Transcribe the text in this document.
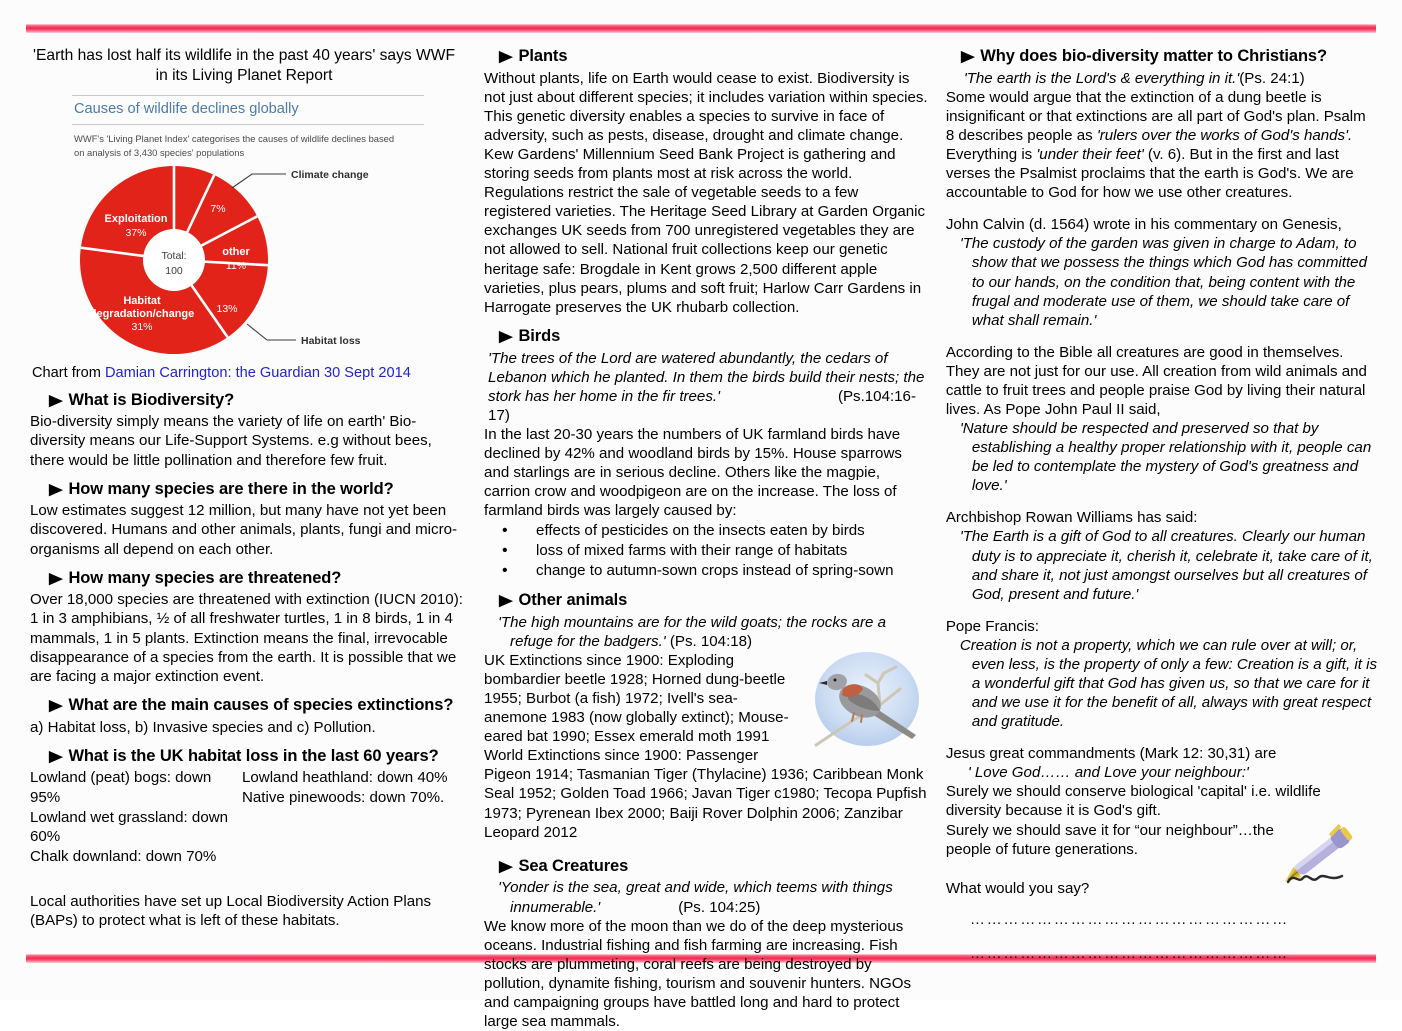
'Earth has lost half its wildlife in the past 40 years' says WWF in its Living Planet Report
Causes of wildlife declines globally
WWF's 'Living Planet Index' categorises the causes of wildlife declines based on analysis of 3,430 species' populations
Total:
100
Exploitation
37%
7%
other
11%
13%
Habitat
degradation/change
31%
Climate change
Habitat loss
Chart from Damian Carrington: the Guardian 30 Sept 2014
▶ What is Biodiversity?

Bio-diversity simply means the variety of life on earth' Bio-diversity means our Life-Support Systems. e.g without bees, there would be little pollination and therefore few fruit.

▶ How many species are there in the world?

Low estimates suggest 12 million, but many have not yet been discovered. Humans and other animals, plants, fungi and micro-organisms all depend on each other.

▶ How many species are threatened?

Over 18,000 species are threatened with extinction (IUCN 2010): 1 in 3 amphibians, ½ of all freshwater turtles, 1 in 8 birds, 1 in 4 mammals, 1 in 5 plants. Extinction means the final, irrevocable disappearance of a species from the earth. It is possible that we are facing a major extinction event.

▶ What are the main causes of species extinctions?

a) Habitat loss, b) Invasive species and c) Pollution.

▶ What is the UK habitat loss in the last 60 years?
Lowland (peat) bogs: down 95%
Lowland wet grassland: down 60%
Chalk downland: down 70%
Lowland heathland: down 40%
Native pinewoods: down 70%.

Local authorities have set up Local Biodiversity Action Plans (BAPs) to protect what is left of these habitats.

▶ Plants

Without plants, life on Earth would cease to exist. Biodiversity is not just about different species; it includes variation within species. This genetic diversity enables a species to survive in face of adversity, such as pests, disease, drought and climate change. Kew Gardens' Millennium Seed Bank Project is gathering and storing seeds from plants most at risk across the world. Regulations restrict the sale of vegetable seeds to a few registered varieties. The Heritage Seed Library at Garden Organic exchanges UK seeds from 700 unregistered vegetables they are not allowed to sell. National fruit collections keep our genetic heritage safe: Brogdale in Kent grows 2,500 different apple varieties, plus pears, plums and soft fruit; Harlow Carr Gardens in Harrogate preserves the UK rhubarb collection.

▶ Birds

'The trees of the Lord are watered abundantly, the cedars of Lebanon which he planted. In them the birds build their nests; the stork has her home in the fir trees.'	(Ps.104:16-17)

In the last 20-30 years the numbers of UK farmland birds have declined by 42% and woodland birds by 15%. House sparrows and starlings are in serious decline. Others like the magpie, carrion crow and woodpigeon are on the increase. The loss of farmland birds was largely caused by:

• effects of pesticides on the insects eaten by birds
• loss of mixed farms with their range of habitats
• change to autumn-sown crops instead of spring-sown
▶ Other animals

'The high mountains are for the wild goats; the rocks are a refuge for the badgers.' (Ps. 104:18)

UK Extinctions since 1900: Exploding bombardier beetle 1928; Horned dung-beetle 1955; Burbot (a fish) 1972; Ivell's sea-anemone 1983 (now globally extinct); Mouse-eared bat 1990; Essex emerald moth 1991

World Extinctions since 1900: Passenger Pigeon 1914; Tasmanian Tiger (Thylacine) 1936; Caribbean Monk Seal 1952; Golden Toad 1966; Javan Tiger c1980; Tecopa Pupfish 1973; Pyrenean Ibex 2000; Baiji Rover Dolphin 2006; Zanzibar Leopard 2012

▶ Sea Creatures

'Yonder is the sea, great and wide, which teems with things innumerable.'	(Ps. 104:25)

We know more of the moon than we do of the deep mysterious oceans. Industrial fishing and fish farming are increasing. Fish stocks are plummeting, coral reefs are being destroyed by pollution, dynamite fishing, tourism and souvenir hunters. NGOs and campaigning groups have battled long and hard to protect large sea mammals.

▶ Why does bio-diversity matter to Christians?

'The earth is the Lord's & everything in it.'(Ps. 24:1)

Some would argue that the extinction of a dung beetle is insignificant or that extinctions are all part of God's plan. Psalm 8 describes people as 'rulers over the works of God's hands'. Everything is 'under their feet' (v. 6). But in the first and last verses the Psalmist proclaims that the earth is God's. We are accountable to God for how we use other creatures.

John Calvin (d. 1564) wrote in his commentary on Genesis,

'The custody of the garden was given in charge to Adam, to show that we possess the things which God has committed to our hands, on the condition that, being content with the frugal and moderate use of them, we should take care of what shall remain.'

According to the Bible all creatures are good in themselves. They are not just for our use. All creation from wild animals and cattle to fruit trees and people praise God by living their natural lives. As Pope John Paul II said,

'Nature should be respected and preserved so that by establishing a healthy proper relationship with it, people can be led to contemplate the mystery of God's greatness and love.'

Archbishop Rowan Williams has said:

'The Earth is a gift of God to all creatures. Clearly our human duty is to appreciate it, cherish it, celebrate it, take care of it, and share it, not just amongst ourselves but all creatures of God, present and future.'

Pope Francis:

Creation is not a property, which we can rule over at will; or, even less, is the property of only a few: Creation is a gift, it is a wonderful gift that God has given us, so that we care for it and we use it for the benefit of all, always with great respect and gratitude.

Jesus great commandments (Mark 12: 30,31) are

' Love God…… and Love your neighbour:'

Surely we should conserve biological 'capital' i.e. wildlife diversity because it is God's gift.

Surely we should save it for “our neighbour”…the people of future generations.

What would you say?

…………………………………………………
…………………………………………………
